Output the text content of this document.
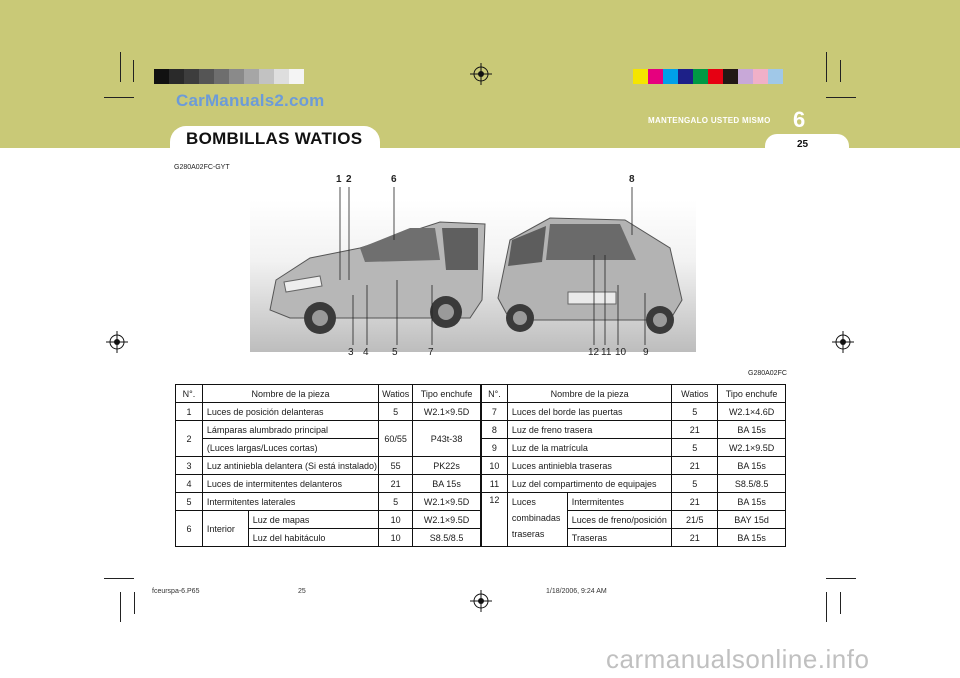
CarManuals2.com
BOMBILLAS WATIOS
MANTENGALO USTED MISMO 6
25
G280A02FC-GYT
1 2	6	8
3 4 5	7	12 11 10 9
G280A02FC
N°.	Nombre de la pieza		Watios	Tipo enchufe
1	Luces de posición delanteras		5	W2.1×9.5D
2	Lámparas alumbrado principal		60/55	P43t-38
	(Luces largas/Luces cortas)			
3	Luz antiniebla delantera (Si está instalado)		55	PK22s
4	Luces de intermitentes delanteros		21	BA 15s
5	Intermitentes laterales		5	W2.1×9.5D
6	Interior	Luz de mapas	10	W2.1×9.5D
		Luz del habitáculo	10	S8.5/8.5
N°.	Nombre de la pieza		Watios	Tipo enchufe
7	Luces del borde las puertas		5	W2.1×4.6D
8	Luz de freno trasera		21	BA 15s
9	Luz de la matrícula		5	W2.1×9.5D
10	Luces antiniebla traseras		21	BA 15s
11	Luz del compartimento de equipajes		5	S8.5/8.5
12	Luces
combinadas
traseras	Intermitentes	21	BA 15s
		Luces de freno/posición	21/5	BAY 15d
		Traseras	21	BA 15s
fceurspa-6.P65	25	1/18/2006, 9:24 AM
carmanualsonline.info
